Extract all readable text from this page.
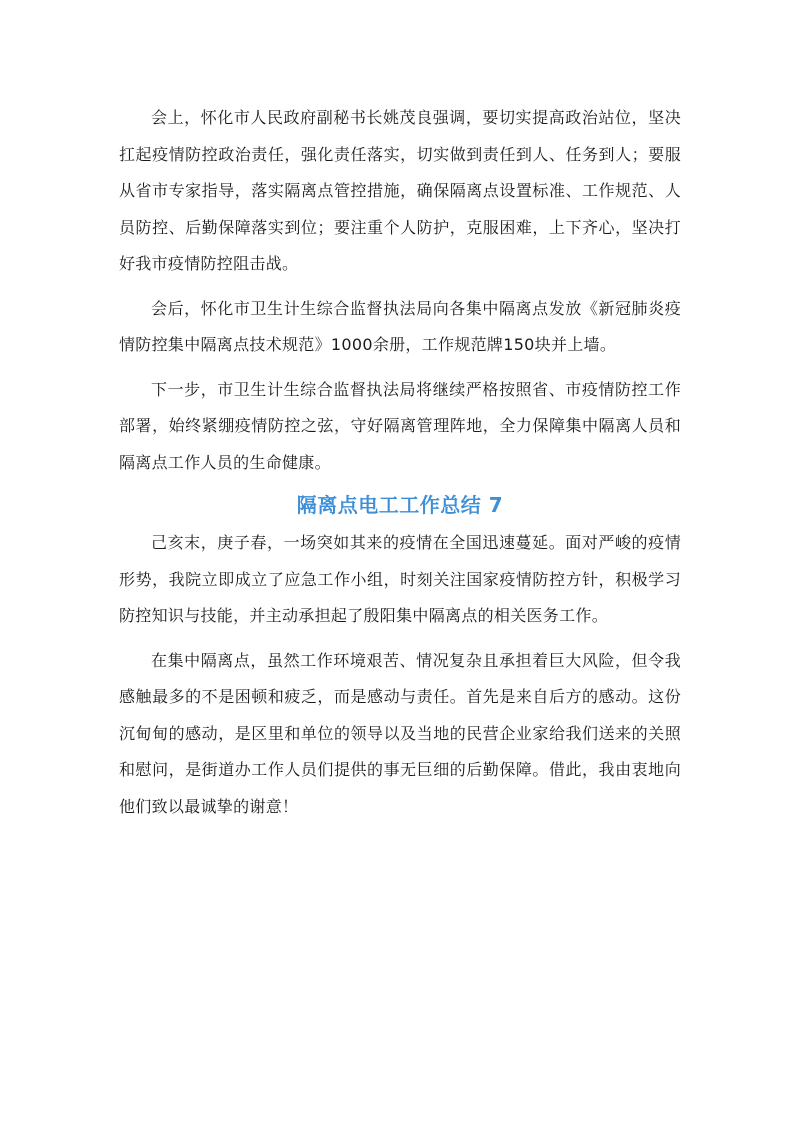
会上，怀化市人民政府副秘书长姚茂良强调，要切实提高政治站位，坚决扛起疫情防控政治责任，强化责任落实，切实做到责任到人、任务到人；要服从省市专家指导，落实隔离点管控措施，确保隔离点设置标准、工作规范、人员防控、后勤保障落实到位；要注重个人防护，克服困难，上下齐心，坚决打好我市疫情防控阻击战。

会后，怀化市卫生计生综合监督执法局向各集中隔离点发放《新冠肺炎疫情防控集中隔离点技术规范》1000余册，工作规范牌150块并上墙。

下一步，市卫生计生综合监督执法局将继续严格按照省、市疫情防控工作部署，始终紧绷疫情防控之弦，守好隔离管理阵地，全力保障集中隔离人员和隔离点工作人员的生命健康。

隔离点电工工作总结 7

己亥末，庚子春，一场突如其来的疫情在全国迅速蔓延。面对严峻的疫情形势，我院立即成立了应急工作小组，时刻关注国家疫情防控方针，积极学习防控知识与技能，并主动承担起了殷阳集中隔离点的相关医务工作。

在集中隔离点，虽然工作环境艰苦、情况复杂且承担着巨大风险，但令我感触最多的不是困顿和疲乏，而是感动与责任。首先是来自后方的感动。这份沉甸甸的感动，是区里和单位的领导以及当地的民营企业家给我们送来的关照和慰问，是街道办工作人员们提供的事无巨细的后勤保障。借此，我由衷地向他们致以最诚挚的谢意！
